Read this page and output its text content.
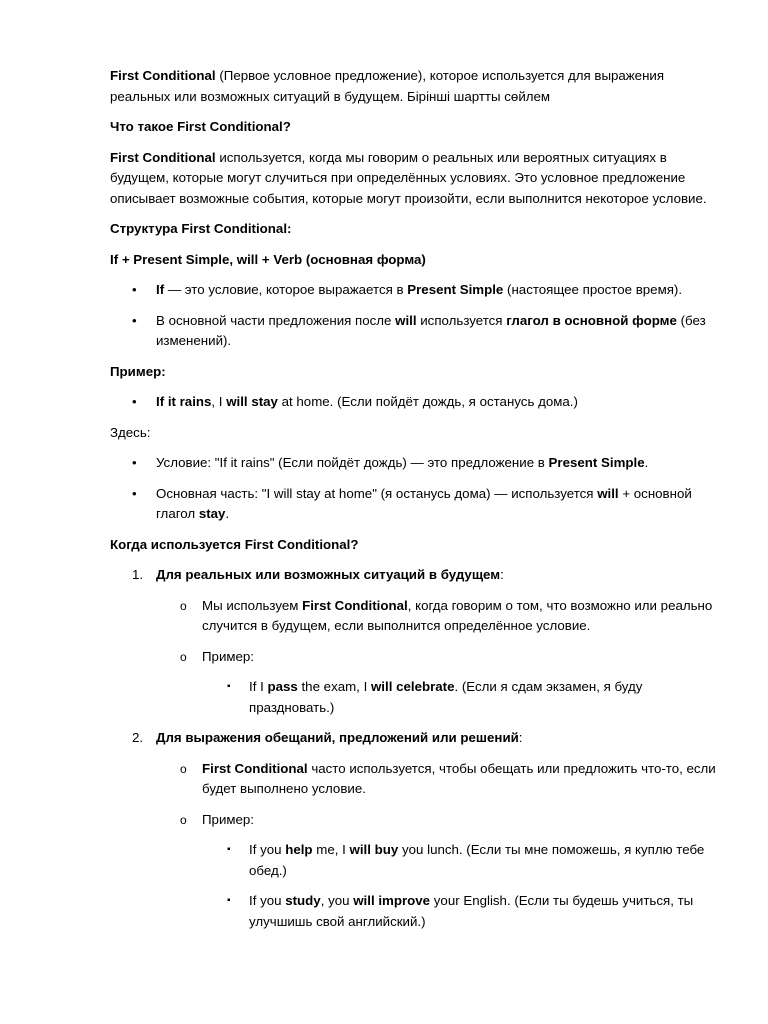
First Conditional (Первое условное предложение), которое используется для выражения реальных или возможных ситуаций в будущем. Бірінші шартты сөйлем

Что такое First Conditional?

First Conditional используется, когда мы говорим о реальных или вероятных ситуациях в будущем, которые могут случиться при определённых условиях. Это условное предложение описывает возможные события, которые могут произойти, если выполнится некоторое условие.

Структура First Conditional:

If + Present Simple, will + Verb (основная форма)

• If — это условие, которое выражается в Present Simple (настоящее простое время).
• В основной части предложения после will используется глагол в основной форме (без изменений).

Пример:

• If it rains, I will stay at home. (Если пойдёт дождь, я останусь дома.)

Здесь:

• Условие: "If it rains" (Если пойдёт дождь) — это предложение в Present Simple.
• Основная часть: "I will stay at home" (я останусь дома) — используется will + основной глагол stay.

Когда используется First Conditional?

1. Для реальных или возможных ситуаций в будущем:
o Мы используем First Conditional, когда говорим о том, что возможно или реально случится в будущем, если выполнится определённое условие.
o Пример:
▪ If I pass the exam, I will celebrate. (Если я сдам экзамен, я буду праздновать.)
2. Для выражения обещаний, предложений или решений:
o First Conditional часто используется, чтобы обещать или предложить что-то, если будет выполнено условие.
o Пример:
▪ If you help me, I will buy you lunch. (Если ты мне поможешь, я куплю тебе обед.)
▪ If you study, you will improve your English. (Если ты будешь учиться, ты улучшишь свой английский.)
